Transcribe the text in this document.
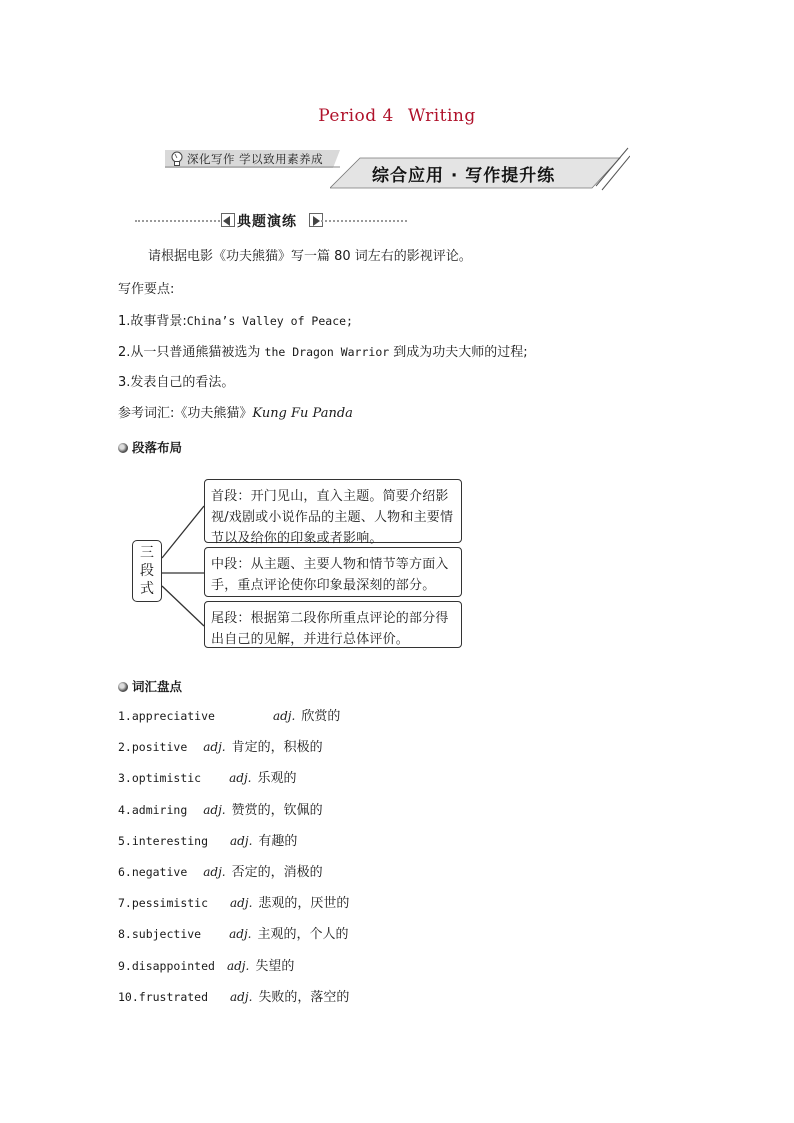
Period 4 Writing
深化写作 学以致用素养成
综合应用 · 写作提升练
典题演练
请根据电影《功夫熊猫》写一篇 80 词左右的影视评论。
写作要点:
1.故事背景:China’s Valley of Peace;
2.从一只普通熊猫被选为 the Dragon Warrior 到成为功夫大师的过程;
3.发表自己的看法。
参考词汇:《功夫熊猫》Kung Fu Panda
段落布局
三段式
首段：开门见山，直入主题。简要介绍影视/戏剧或小说作品的主题、人物和主要情节以及给你的印象或者影响。
中段：从主题、主要人物和情节等方面入手，重点评论使你印象最深刻的部分。
尾段：根据第二段你所重点评论的部分得出自己的见解，并进行总体评价。
词汇盘点
1.appreciative	adj. 欣赏的
2.positive adj. 肯定的，积极的
3.optimistic adj. 乐观的
4.admiring adj. 赞赏的，钦佩的
5.interesting adj. 有趣的
6.negative adj. 否定的，消极的
7.pessimistic adj. 悲观的，厌世的
8.subjective adj. 主观的，个人的
9.disappointed adj. 失望的
10.frustrated adj. 失败的，落空的
